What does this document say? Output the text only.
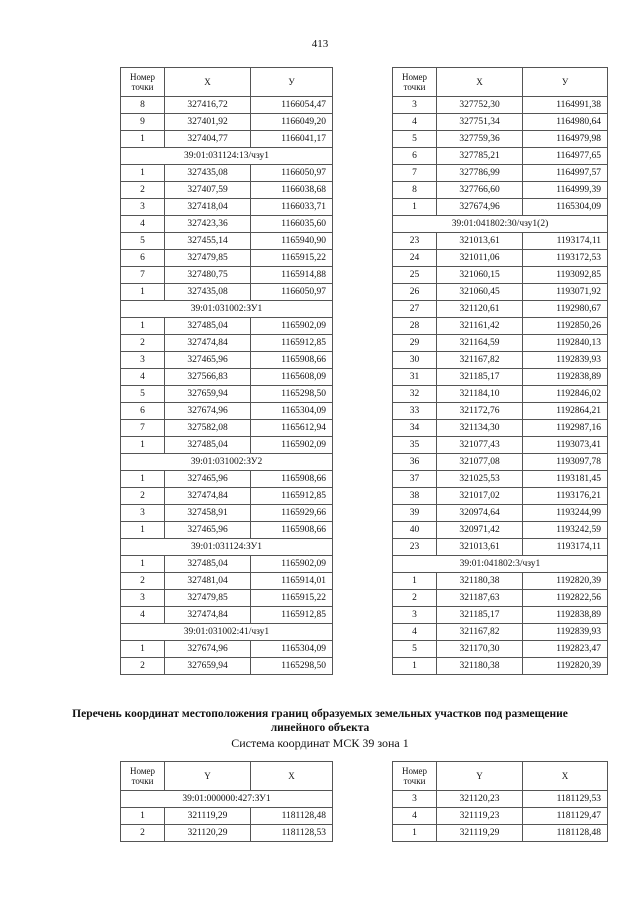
413
Номер точки	X	У
8	327416,72	1166054,47
9	327401,92	1166049,20
1	327404,77	1166041,17
39:01:031124:13/чзу1		
1	327435,08	1166050,97
2	327407,59	1166038,68
3	327418,04	1166033,71
4	327423,36	1166035,60
5	327455,14	1165940,90
6	327479,85	1165915,22
7	327480,75	1165914,88
1	327435,08	1166050,97
39:01:031002:ЗУ1		
1	327485,04	1165902,09
2	327474,84	1165912,85
3	327465,96	1165908,66
4	327566,83	1165608,09
5	327659,94	1165298,50
6	327674,96	1165304,09
7	327582,08	1165612,94
1	327485,04	1165902,09
39:01:031002:ЗУ2		
1	327465,96	1165908,66
2	327474,84	1165912,85
3	327458,91	1165929,66
1	327465,96	1165908,66
39:01:031124:ЗУ1		
1	327485,04	1165902,09
2	327481,04	1165914,01
3	327479,85	1165915,22
4	327474,84	1165912,85
39:01:031002:41/чзу1		
1	327674,96	1165304,09
2	327659,94	1165298,50
Номер точки	X	У
3	327752,30	1164991,38
4	327751,34	1164980,64
5	327759,36	1164979,98
6	327785,21	1164977,65
7	327786,99	1164997,57
8	327766,60	1164999,39
1	327674,96	1165304,09
39:01:041802:30/чзу1(2)		
23	321013,61	1193174,11
24	321011,06	1193172,53
25	321060,15	1193092,85
26	321060,45	1193071,92
27	321120,61	1192980,67
28	321161,42	1192850,26
29	321164,59	1192840,13
30	321167,82	1192839,93
31	321185,17	1192838,89
32	321184,10	1192846,02
33	321172,76	1192864,21
34	321134,30	1192987,16
35	321077,43	1193073,41
36	321077,08	1193097,78
37	321025,53	1193181,45
38	321017,02	1193176,21
39	320974,64	1193244,99
40	320971,42	1193242,59
23	321013,61	1193174,11
39:01:041802:3/чзу1		
1	321180,38	1192820,39
2	321187,63	1192822,56
3	321185,17	1192838,89
4	321167,82	1192839,93
5	321170,30	1192823,47
1	321180,38	1192820,39
Перечень координат местоположения границ образуемых земельных участков под размещение линейного объекта
Система координат МСК 39 зона 1
Номер точки	Y	X
39:01:000000:427:ЗУ1		
1	321119,29	1181128,48
2	321120,29	1181128,53
Номер точки	Y	X
3	321120,23	1181129,53
4	321119,23	1181129,47
1	321119,29	1181128,48
